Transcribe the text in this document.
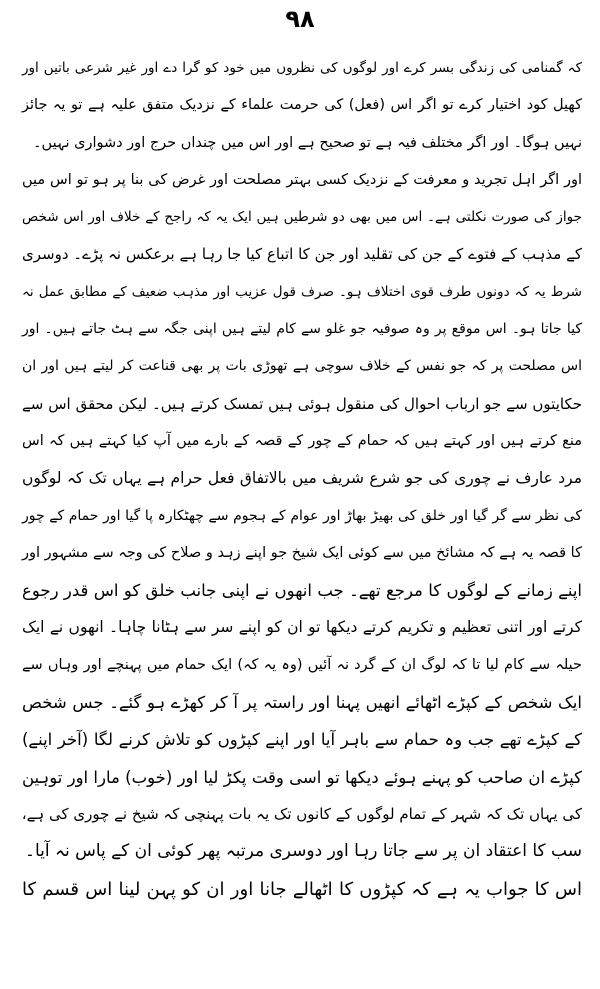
۹۸
کہ گمنامی کی زندگی بسر کرے اور لوگوں کی نظروں میں خود کو گرا دے اور غیر شرعی باتیں اور
کھیل کود اختیار کرے تو اگر اس (فعل) کی حرمت علماء کے نزدیک متفق علیہ ہے تو یہ جائز
نہیں ہوگا۔ اور اگر مختلف فیہ ہے تو صحیح ہے اور اس میں چنداں حرج اور دشواری نہیں۔
اور اگر اہل تجرید و معرفت کے نزدیک کسی بہتر مصلحت اور غرض کی بنا پر ہو تو اس میں
جواز کی صورت نکلتی ہے۔ اس میں بھی دو شرطیں ہیں ایک یہ کہ راجح کے خلاف اور اس شخص
کے مذہب کے فتوے کے جن کی تقلید اور جن کا اتباع کیا جا رہا ہے برعکس نہ پڑے۔ دوسری
شرط یہ کہ دونوں طرف قوی اختلاف ہو۔ صرف قول عزیب اور مذہب ضعیف کے مطابق عمل نہ
کیا جاتا ہو۔ اس موقع پر وہ صوفیہ جو غلو سے کام لیتے ہیں اپنی جگہ سے ہٹ جاتے ہیں۔ اور
اس مصلحت پر کہ جو نفس کے خلاف سوچی ہے تھوڑی بات پر بھی قناعت کر لیتے ہیں اور ان
حکایتوں سے جو ارباب احوال کی منقول ہوئی ہیں تمسک کرتے ہیں۔ لیکن محقق اس سے
منع کرتے ہیں اور کہتے ہیں کہ حمام کے چور کے قصہ کے بارے میں آپ کیا کہتے ہیں کہ اس
مرد عارف نے چوری کی جو شرع شریف میں بالاتفاق فعل حرام ہے یہاں تک کہ لوگوں
کی نظر سے گر گیا اور خلق کی بھیڑ بھاڑ اور عوام کے ہجوم سے چھٹکارہ پا گیا اور حمام کے چور
کا قصہ یہ ہے کہ مشائخ میں سے کوئی ایک شیخ جو اپنے زہد و صلاح کی وجہ سے مشہور اور
اپنے زمانے کے لوگوں کا مرجع تھے۔ جب انھوں نے اپنی جانب خلق کو اس قدر رجوع
کرتے اور اتنی تعظیم و تکریم کرتے دیکھا تو ان کو اپنے سر سے ہٹانا چاہا۔ انھوں نے ایک
حیلہ سے کام لیا تا کہ لوگ ان کے گرد نہ آئیں (وہ یہ کہ) ایک حمام میں پہنچے اور وہاں سے
ایک شخص کے کپڑے اٹھائے انھیں پہنا اور راستہ پر آ کر کھڑے ہو گئے۔ جس شخص
کے کپڑے تھے جب وہ حمام سے باہر آیا اور اپنے کپڑوں کو تلاش کرنے لگا (آخر اپنے)
کپڑے ان صاحب کو پہنے ہوئے دیکھا تو اسی وقت پکڑ لیا اور (خوب) مارا اور توہین
کی یہاں تک کہ شہر کے تمام لوگوں کے کانوں تک یہ بات پہنچی کہ شیخ نے چوری کی ہے،
سب کا اعتقاد ان پر سے جاتا رہا اور دوسری مرتبہ پھر کوئی ان کے پاس نہ آیا۔
اس کا جواب یہ ہے کہ کپڑوں کا اٹھالے جانا اور ان کو پہن لینا اس قسم کا
